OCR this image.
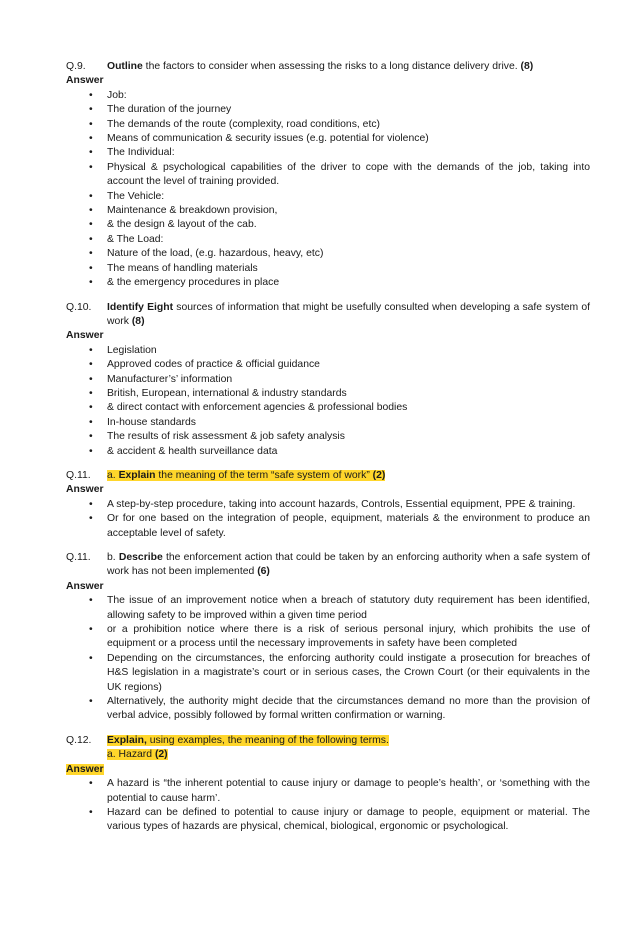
Q.9.	Outline the factors to consider when assessing the risks to a long distance delivery drive. (8)
Answer
• Job:
• The duration of the journey
• The demands of the route (complexity, road conditions, etc)
• Means of communication & security issues (e.g. potential for violence)
• The Individual:
• Physical & psychological capabilities of the driver to cope with the demands of the job, taking into account the level of training provided.
• The Vehicle:
• Maintenance & breakdown provision,
• & the design & layout of the cab.
• & The Load:
• Nature of the load, (e.g. hazardous, heavy, etc)
• The means of handling materials
• & the emergency procedures in place
Q.10.	Identify Eight sources of information that might be usefully consulted when developing a safe system of work (8)
Answer
• Legislation
• Approved codes of practice & official guidance
• Manufacturer’s’ information
• British, European, international & industry standards
• & direct contact with enforcement agencies & professional bodies
• In-house standards
• The results of risk assessment & job safety analysis
• & accident & health surveillance data
Q.11.	a. Explain the meaning of the term “safe system of work” (2)
Answer
• A step-by-step procedure, taking into account hazards, Controls, Essential equipment, PPE & training.
• Or for one based on the integration of people, equipment, materials & the environment to produce an acceptable level of safety.
Q.11.	b. Describe the enforcement action that could be taken by an enforcing authority when a safe system of work has not been implemented (6)
Answer
• The issue of an improvement notice when a breach of statutory duty requirement has been identified, allowing safety to be improved within a given time period
• or a prohibition notice where there is a risk of serious personal injury, which prohibits the use of equipment or a process until the necessary improvements in safety have been completed
• Depending on the circumstances, the enforcing authority could instigate a prosecution for breaches of H&S legislation in a magistrate’s court or in serious cases, the Crown Court (or their equivalents in the UK regions)
• Alternatively, the authority might decide that the circumstances demand no more than the provision of verbal advice, possibly followed by formal written confirmation or warning.
Q.12.	Explain, using examples, the meaning of the following terms.
a. Hazard (2)
Answer
• A hazard is “the inherent potential to cause injury or damage to people’s health’, or ‘something with the potential to cause harm’.
• Hazard can be defined to potential to cause injury or damage to people, equipment or material. The various types of hazards are physical, chemical, biological, ergonomic or psychological.
